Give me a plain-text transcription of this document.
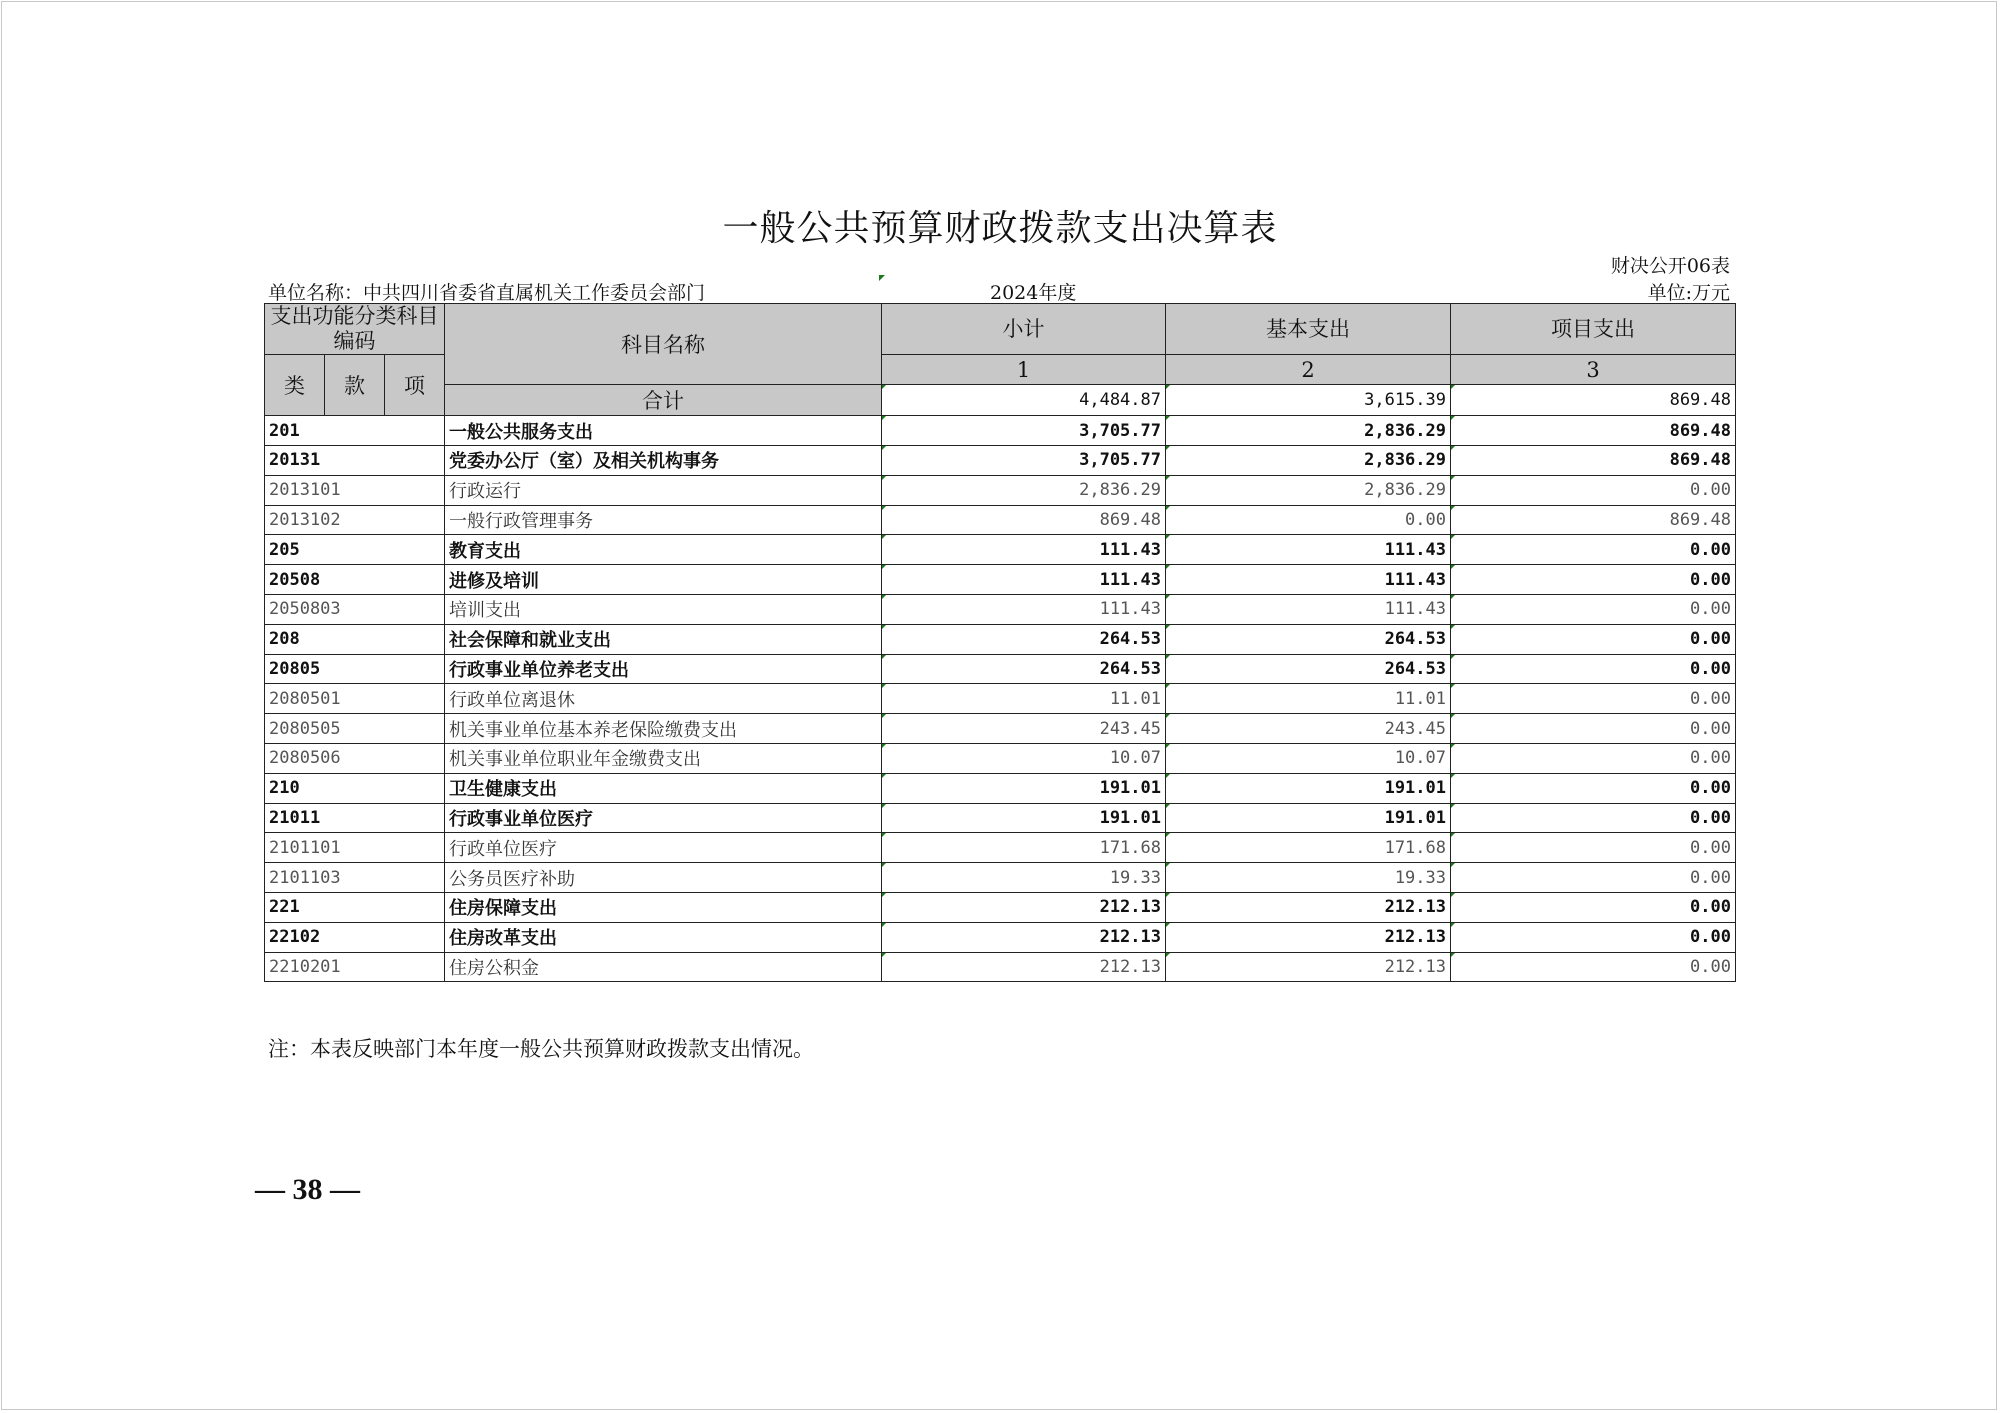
一般公共预算财政拨款支出决算表
财决公开06表
单位名称：中共四川省委省直属机关工作委员会部门	2024年度	单位:万元
支出功能分类科目编码			科目名称	小计	基本支出	项目支出
类	款	项		1	2	3
			合计	4,484.87	3,615.39	869.48
201			一般公共服务支出	3,705.77	2,836.29	869.48
20131			党委办公厅（室）及相关机构事务	3,705.77	2,836.29	869.48
2013101			行政运行	2,836.29	2,836.29	0.00
2013102			一般行政管理事务	869.48	0.00	869.48
205			教育支出	111.43	111.43	0.00
20508			进修及培训	111.43	111.43	0.00
2050803			培训支出	111.43	111.43	0.00
208			社会保障和就业支出	264.53	264.53	0.00
20805			行政事业单位养老支出	264.53	264.53	0.00
2080501			行政单位离退休	11.01	11.01	0.00
2080505			机关事业单位基本养老保险缴费支出	243.45	243.45	0.00
2080506			机关事业单位职业年金缴费支出	10.07	10.07	0.00
210			卫生健康支出	191.01	191.01	0.00
21011			行政事业单位医疗	191.01	191.01	0.00
2101101			行政单位医疗	171.68	171.68	0.00
2101103			公务员医疗补助	19.33	19.33	0.00
221			住房保障支出	212.13	212.13	0.00
22102			住房改革支出	212.13	212.13	0.00
2210201			住房公积金	212.13	212.13	0.00
注：本表反映部门本年度一般公共预算财政拨款支出情况。
— 38 —
